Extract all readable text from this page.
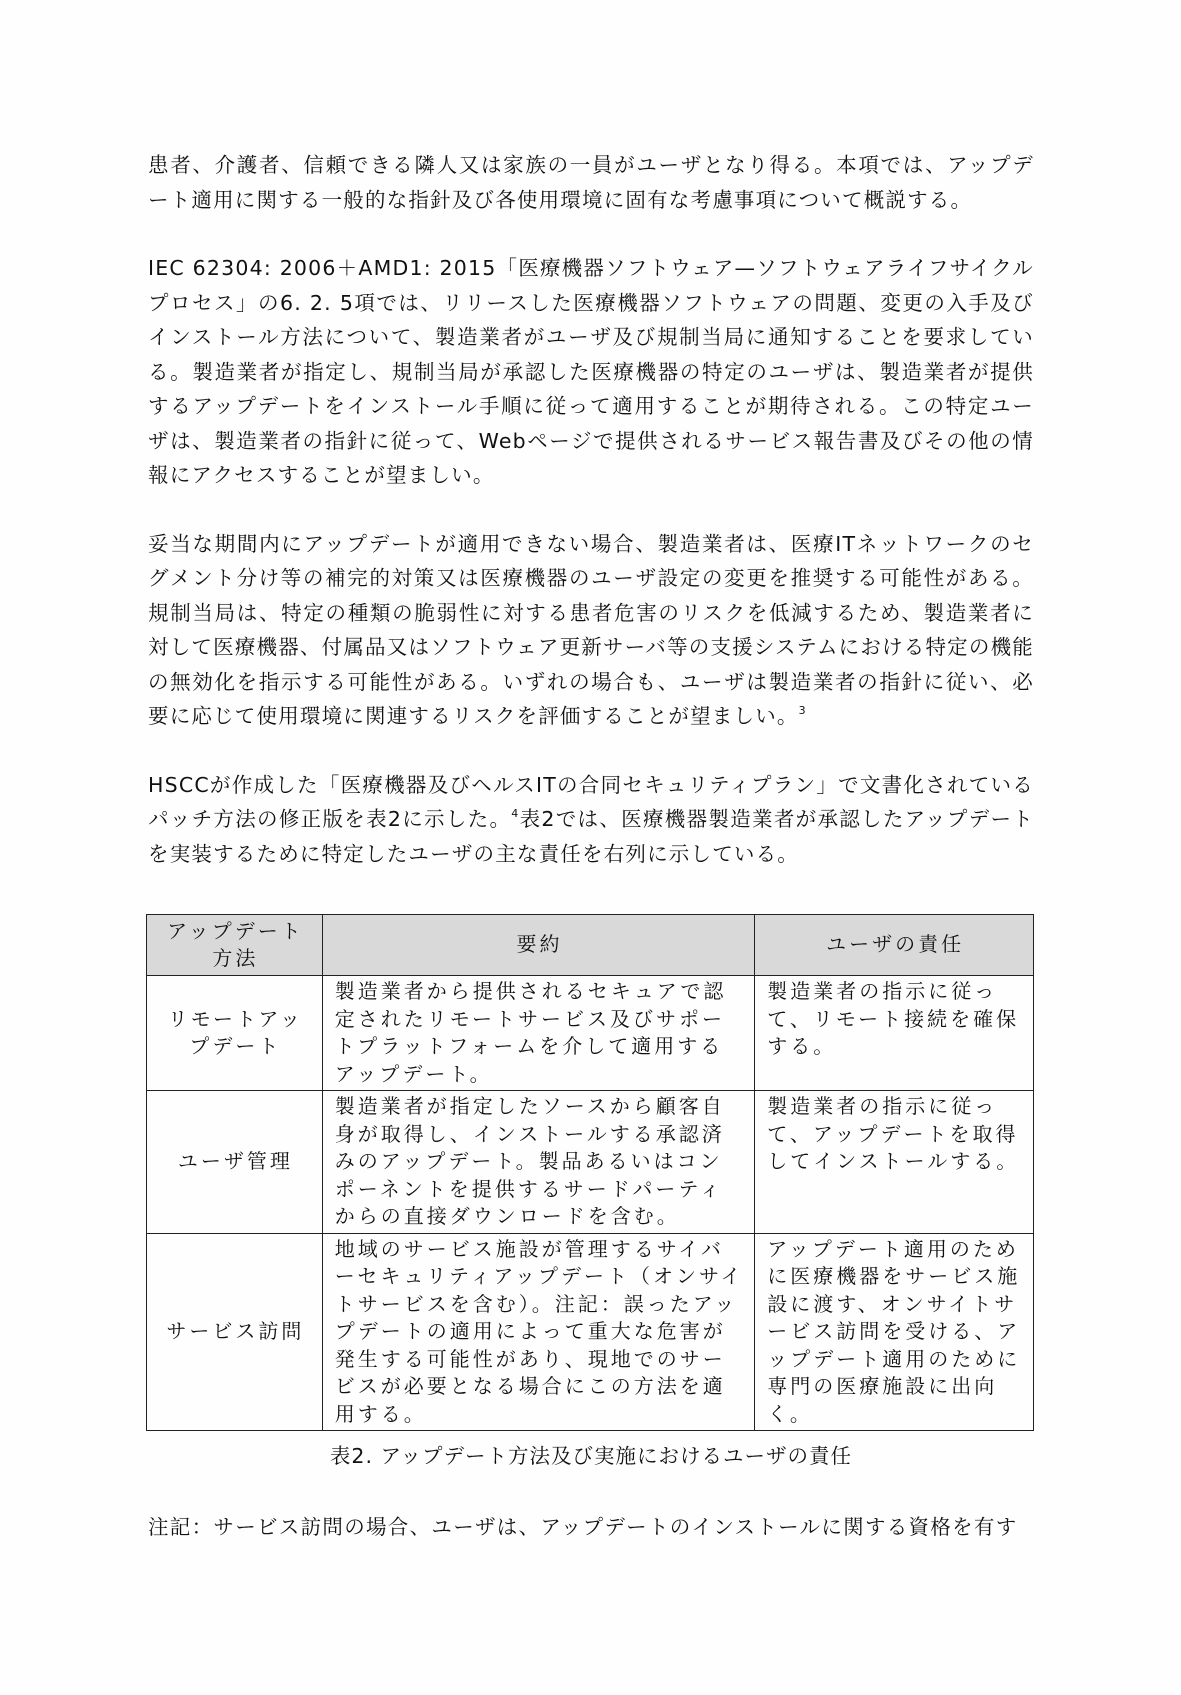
患者、介護者、信頼できる隣人又は家族の一員がユーザとなり得る。本項では、アップデート適用に関する一般的な指針及び各使用環境に固有な考慮事項について概説する。

IEC 62304: 2006＋AMD1: 2015「医療機器ソフトウェア—ソフトウェアライフサイクルプロセス」の6. 2. 5項では、リリースした医療機器ソフトウェアの問題、変更の入手及びインストール方法について、製造業者がユーザ及び規制当局に通知することを要求している。製造業者が指定し、規制当局が承認した医療機器の特定のユーザは、製造業者が提供するアップデートをインストール手順に従って適用することが期待される。この特定ユーザは、製造業者の指針に従って、Webページで提供されるサービス報告書及びその他の情報にアクセスすることが望ましい。

妥当な期間内にアップデートが適用できない場合、製造業者は、医療ITネットワークのセグメント分け等の補完的対策又は医療機器のユーザ設定の変更を推奨する可能性がある。規制当局は、特定の種類の脆弱性に対する患者危害のリスクを低減するため、製造業者に対して医療機器、付属品又はソフトウェア更新サーバ等の支援システムにおける特定の機能の無効化を指示する可能性がある。いずれの場合も、ユーザは製造業者の指針に従い、必要に応じて使用環境に関連するリスクを評価することが望ましい。$^3$

HSCCが作成した「医療機器及びヘルスITの合同セキュリティプラン」で文書化されているパッチ方法の修正版を表2に示した。$^4$表2では、医療機器製造業者が承認したアップデートを実装するために特定したユーザの主な責任を右列に示している。

アップデート方法	要約	ユーザの責任
リモートアップデート	製造業者から提供されるセキュアで認定されたリモートサービス及びサポートプラットフォームを介して適用するアップデート。	製造業者の指示に従って、リモート接続を確保する。
ユーザ管理	製造業者が指定したソースから顧客自身が取得し、インストールする承認済みのアップデート。製品あるいはコンポーネントを提供するサードパーティからの直接ダウンロードを含む。	製造業者の指示に従って、アップデートを取得してインストールする。
サービス訪問	地域のサービス施設が管理するサイバーセキュリティアップデート（オンサイトサービスを含む）。注記：誤ったアップデートの適用によって重大な危害が発生する可能性があり、現地でのサービスが必要となる場合にこの方法を適用する。	アップデート適用のために医療機器をサービス施設に渡す、オンサイトサービス訪問を受ける、アップデート適用のために専門の医療施設に出向く。
表2. アップデート方法及び実施におけるユーザの責任
注記：サービス訪問の場合、ユーザは、アップデートのインストールに関する資格を有す
